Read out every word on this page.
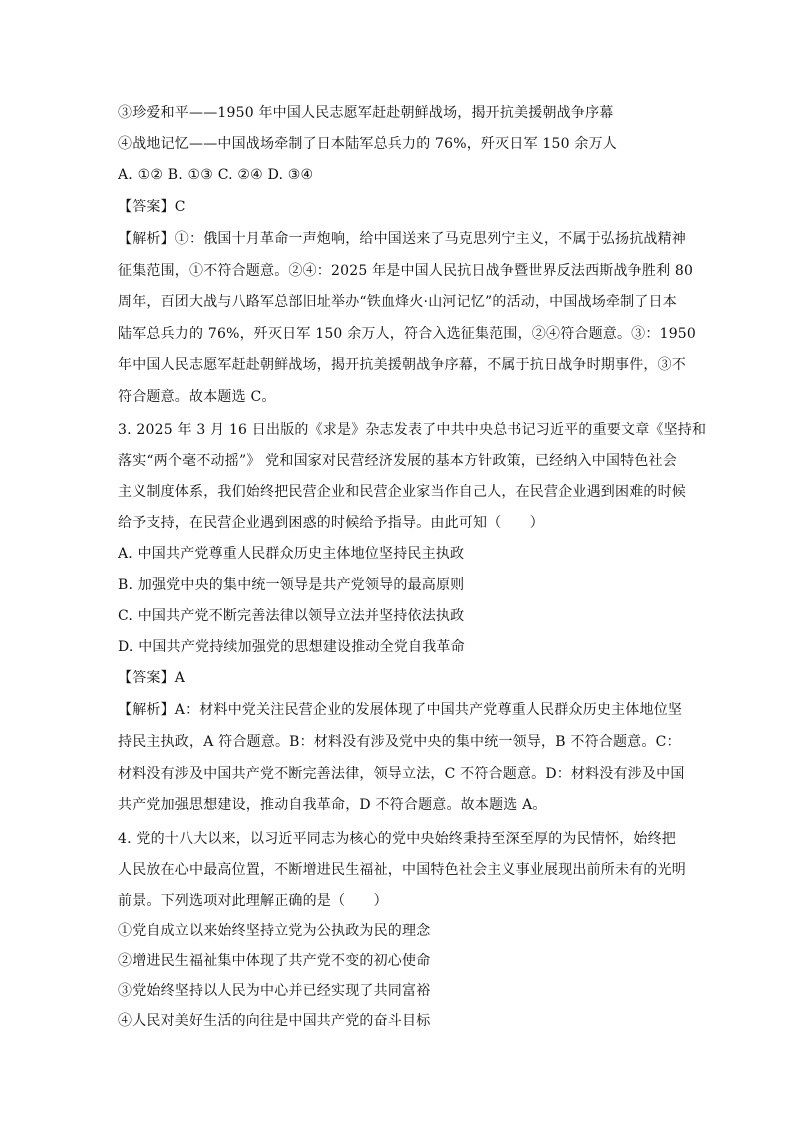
③珍爱和平——1950 年中国人民志愿军赶赴朝鲜战场，揭开抗美援朝战争序幕
④战地记忆——中国战场牵制了日本陆军总兵力的 76%，歼灭日军 150 余万人
A. ①② B. ①③ C. ②④ D. ③④
【答案】C
【解析】①：俄国十月革命一声炮响，给中国送来了马克思列宁主义，不属于弘扬抗战精神
征集范围，①不符合题意。②④：2025 年是中国人民抗日战争暨世界反法西斯战争胜利 80
周年，百团大战与八路军总部旧址举办“铁血烽火·山河记忆”的活动，中国战场牵制了日本
陆军总兵力的 76%，歼灭日军 150 余万人，符合入选征集范围，②④符合题意。③：1950
年中国人民志愿军赶赴朝鲜战场，揭开抗美援朝战争序幕，不属于抗日战争时期事件，③不
符合题意。故本题选 C。
3. 2025 年 3 月 16 日出版的《求是》杂志发表了中共中央总书记习近平的重要文章《坚持和
落实“两个毫不动摇”》 党和国家对民营经济发展的基本方针政策，已经纳入中国特色社会
主义制度体系，我们始终把民营企业和民营企业家当作自己人，在民营企业遇到困难的时候
给予支持，在民营企业遇到困惑的时候给予指导。由此可知（　　）
A. 中国共产党尊重人民群众历史主体地位坚持民主执政
B. 加强党中央的集中统一领导是共产党领导的最高原则
C. 中国共产党不断完善法律以领导立法并坚持依法执政
D. 中国共产党持续加强党的思想建设推动全党自我革命
【答案】A
【解析】A：材料中党关注民营企业的发展体现了中国共产党尊重人民群众历史主体地位坚
持民主执政，A 符合题意。B：材料没有涉及党中央的集中统一领导，B 不符合题意。C：
材料没有涉及中国共产党不断完善法律，领导立法，C 不符合题意。D：材料没有涉及中国
共产党加强思想建设，推动自我革命，D 不符合题意。故本题选 A。
4. 党的十八大以来，以习近平同志为核心的党中央始终秉持至深至厚的为民情怀，始终把
人民放在心中最高位置，不断增进民生福祉，中国特色社会主义事业展现出前所未有的光明
前景。下列选项对此理解正确的是（　　）
①党自成立以来始终坚持立党为公执政为民的理念
②增进民生福祉集中体现了共产党不变的初心使命
③党始终坚持以人民为中心并已经实现了共同富裕
④人民对美好生活的向往是中国共产党的奋斗目标
